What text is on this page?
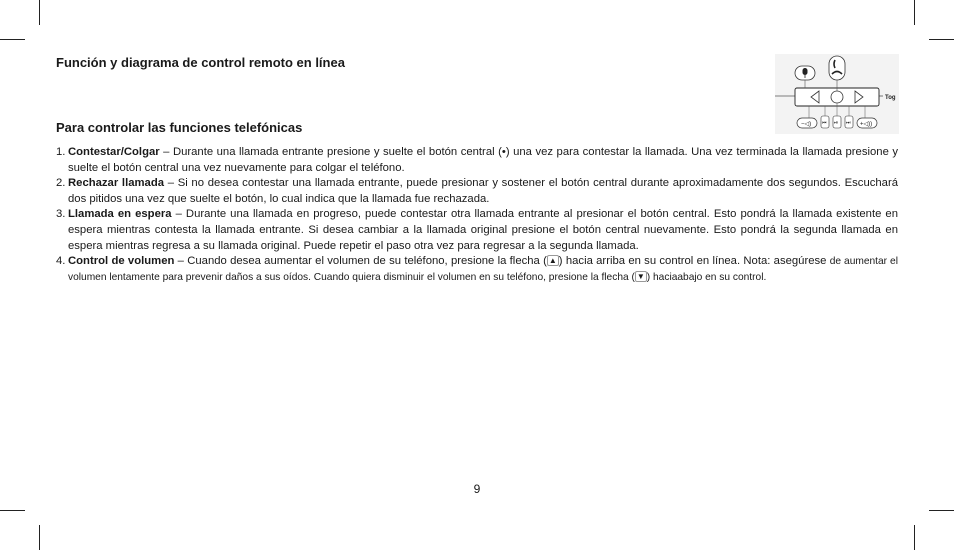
Función y diagrama de control remoto en línea
Para controlar las funciones telefónicas
Tog
−◁) ⏮ ⏯ ⏭ +◁))

1. Contestar/Colgar – Durante una llamada entrante presione y suelte el botón central (•) una vez para contestar la llamada. Una vez terminada la llamada presione y suelte el botón central una vez nuevamente para colgar el teléfono.

2. Rechazar llamada – Si no desea contestar una llamada entrante, puede presionar y sostener el botón central durante aproximadamente dos segundos. Escuchará dos pitidos una vez que suelte el botón, lo cual indica que la llamada fue rechazada.

3. Llamada en espera – Durante una llamada en progreso, puede contestar otra llamada entrante al presionar el botón central. Esto pondrá la llamada existente en espera mientras contesta la llamada entrante. Si desea cambiar a la llamada original presione el botón central nuevamente. Esto pondrá la segunda llamada en espera mientras regresa a su llamada original. Puede repetir el paso otra vez para regresar a la segunda llamada.

4. Control de volumen – Cuando desea aumentar el volumen de su teléfono, presione la flecha ( ▲ ) hacia arriba en su control en línea. Nota: asegúrese de aumentar el volumen lentamente para prevenir daños a sus oídos. Cuando quiera disminuir el volumen en su teléfono, presione la flecha ( ▼ ) haciaabajo en su control.

9
